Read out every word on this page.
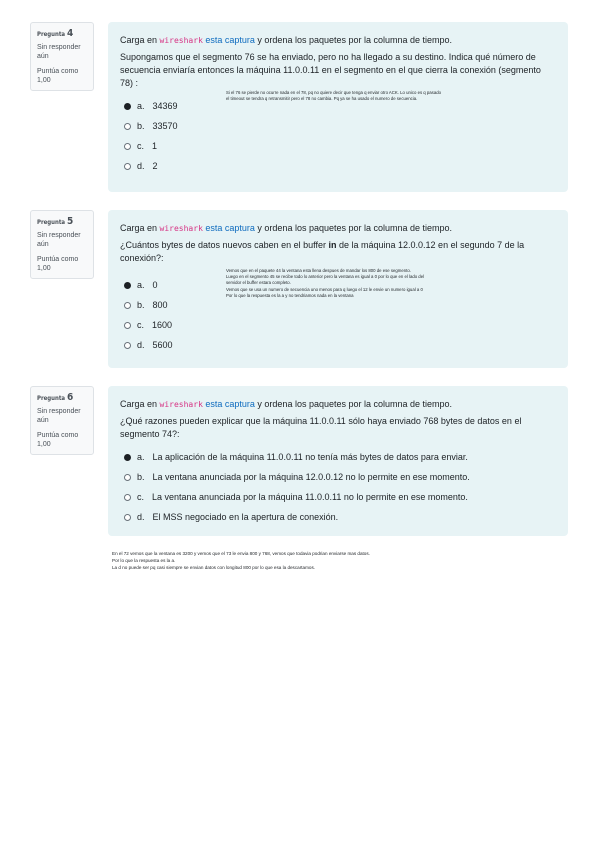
Pregunta 4
Sin responder aún
Puntúa como 1,00
Carga en wireshark esta captura y ordena los paquetes por la columna de tiempo.
Supongamos que el segmento 76 se ha enviado, pero no ha llegado a su destino. Indica qué número de secuencia enviaría entonces la máquina 11.0.0.11 en el segmento en el que cierra la conexión (segmento 78) :
a. 34369
b. 33570
c. 1
d. 2
Si el 76 se pierde no ocurre nada en el 78, pq no quiere decir que tenga q enviar otro ACK. Lo unico es q pasado
el timeout se tendra q retransmitir pero el 78 no cambia. Pq ya se ha usado el numero de secuencia.
Pregunta 5
Sin responder aún
Puntúa como 1,00
Carga en wireshark esta captura y ordena los paquetes por la columna de tiempo.
¿Cuántos bytes de datos nuevos caben en el buffer in de la máquina 12.0.0.12 en el segundo 7 de la conexión?:
a. 0
b. 800
c. 1600
d. 5600
Vemos que en el paquete 44 la ventana esta llena despues de mandar los 800 de ese segmento.
Luego en el segmento 45 se recibe todo lo anterior pero la ventana es igual a 0 por lo que en el lado del
servidor el buffer estara completo.
Vemos que se usa un numero de secuencia uno menos para q luego el 12 le envie un numero igual a 0
Por lo que la respuesta es la a y no tendriamos nada en la ventana
Pregunta 6
Sin responder aún
Puntúa como 1,00
Carga en wireshark esta captura y ordena los paquetes por la columna de tiempo.
¿Qué razones pueden explicar que la máquina 11.0.0.11 sólo haya enviado 768 bytes de datos en el segmento 74?:
a. La aplicación de la máquina 11.0.0.11 no tenía más bytes de datos para enviar.
b. La ventana anunciada por la máquina 12.0.0.12 no lo permite en ese momento.
c. La ventana anunciada por la máquina 11.0.0.11 no lo permite en ese momento.
d. El MSS negociado en la apertura de conexión.
En el 72 vemos que la ventana es 3200 y vemos que el 73 le envia 800 y 768, vemos que todavia podrian enviarse mas datos.
Por lo que la respuesta es la a.
La d no puede ser pq casi siempre se envian datos con longitud 800 por lo que esa la descartamos.
